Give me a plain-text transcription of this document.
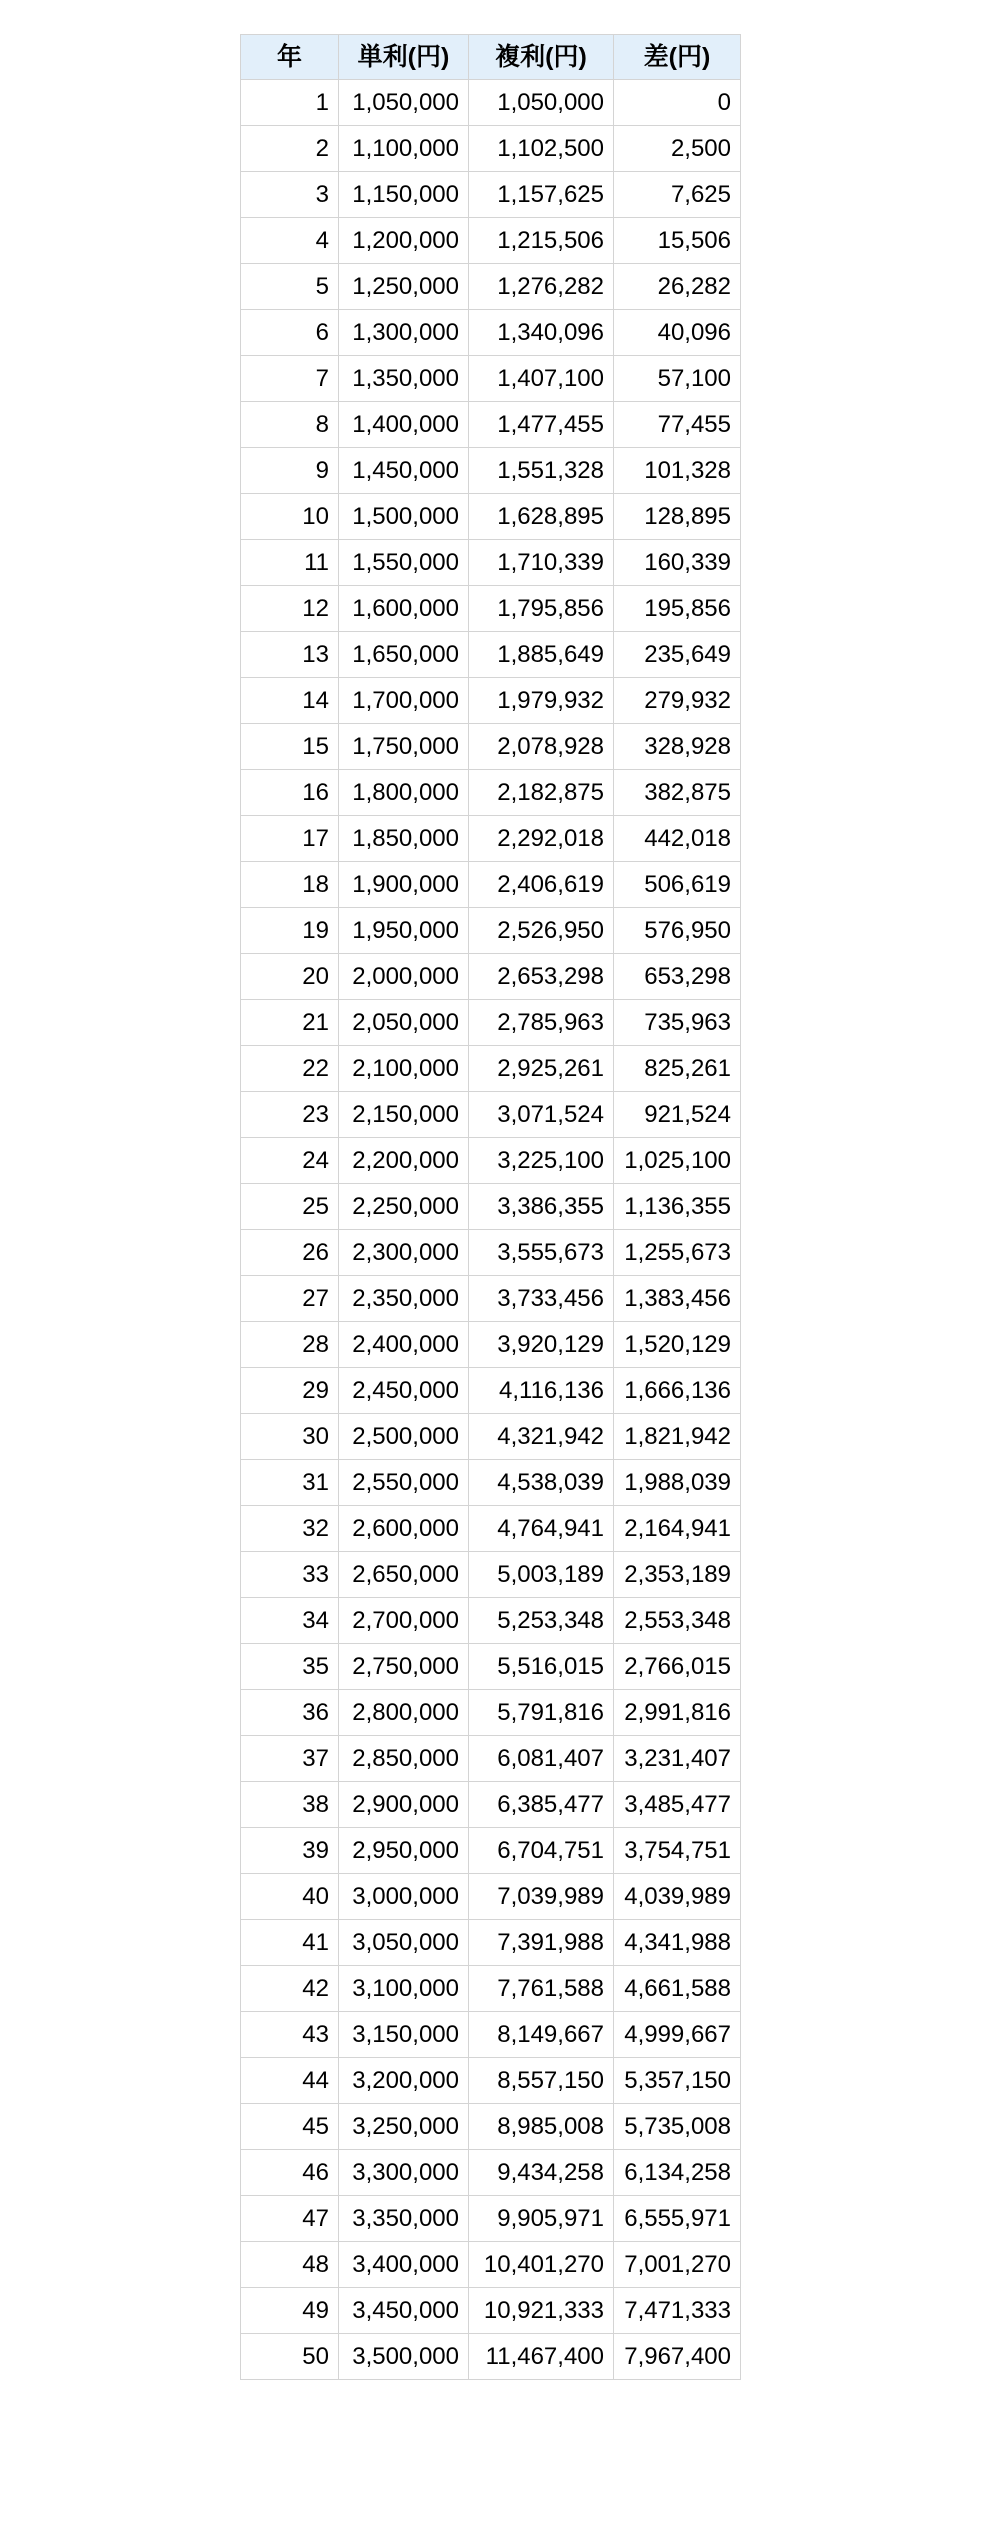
年	単利(円)	複利(円)	差(円)
1	1,050,000	1,050,000	0
2	1,100,000	1,102,500	2,500
3	1,150,000	1,157,625	7,625
4	1,200,000	1,215,506	15,506
5	1,250,000	1,276,282	26,282
6	1,300,000	1,340,096	40,096
7	1,350,000	1,407,100	57,100
8	1,400,000	1,477,455	77,455
9	1,450,000	1,551,328	101,328
10	1,500,000	1,628,895	128,895
11	1,550,000	1,710,339	160,339
12	1,600,000	1,795,856	195,856
13	1,650,000	1,885,649	235,649
14	1,700,000	1,979,932	279,932
15	1,750,000	2,078,928	328,928
16	1,800,000	2,182,875	382,875
17	1,850,000	2,292,018	442,018
18	1,900,000	2,406,619	506,619
19	1,950,000	2,526,950	576,950
20	2,000,000	2,653,298	653,298
21	2,050,000	2,785,963	735,963
22	2,100,000	2,925,261	825,261
23	2,150,000	3,071,524	921,524
24	2,200,000	3,225,100	1,025,100
25	2,250,000	3,386,355	1,136,355
26	2,300,000	3,555,673	1,255,673
27	2,350,000	3,733,456	1,383,456
28	2,400,000	3,920,129	1,520,129
29	2,450,000	4,116,136	1,666,136
30	2,500,000	4,321,942	1,821,942
31	2,550,000	4,538,039	1,988,039
32	2,600,000	4,764,941	2,164,941
33	2,650,000	5,003,189	2,353,189
34	2,700,000	5,253,348	2,553,348
35	2,750,000	5,516,015	2,766,015
36	2,800,000	5,791,816	2,991,816
37	2,850,000	6,081,407	3,231,407
38	2,900,000	6,385,477	3,485,477
39	2,950,000	6,704,751	3,754,751
40	3,000,000	7,039,989	4,039,989
41	3,050,000	7,391,988	4,341,988
42	3,100,000	7,761,588	4,661,588
43	3,150,000	8,149,667	4,999,667
44	3,200,000	8,557,150	5,357,150
45	3,250,000	8,985,008	5,735,008
46	3,300,000	9,434,258	6,134,258
47	3,350,000	9,905,971	6,555,971
48	3,400,000	10,401,270	7,001,270
49	3,450,000	10,921,333	7,471,333
50	3,500,000	11,467,400	7,967,400
